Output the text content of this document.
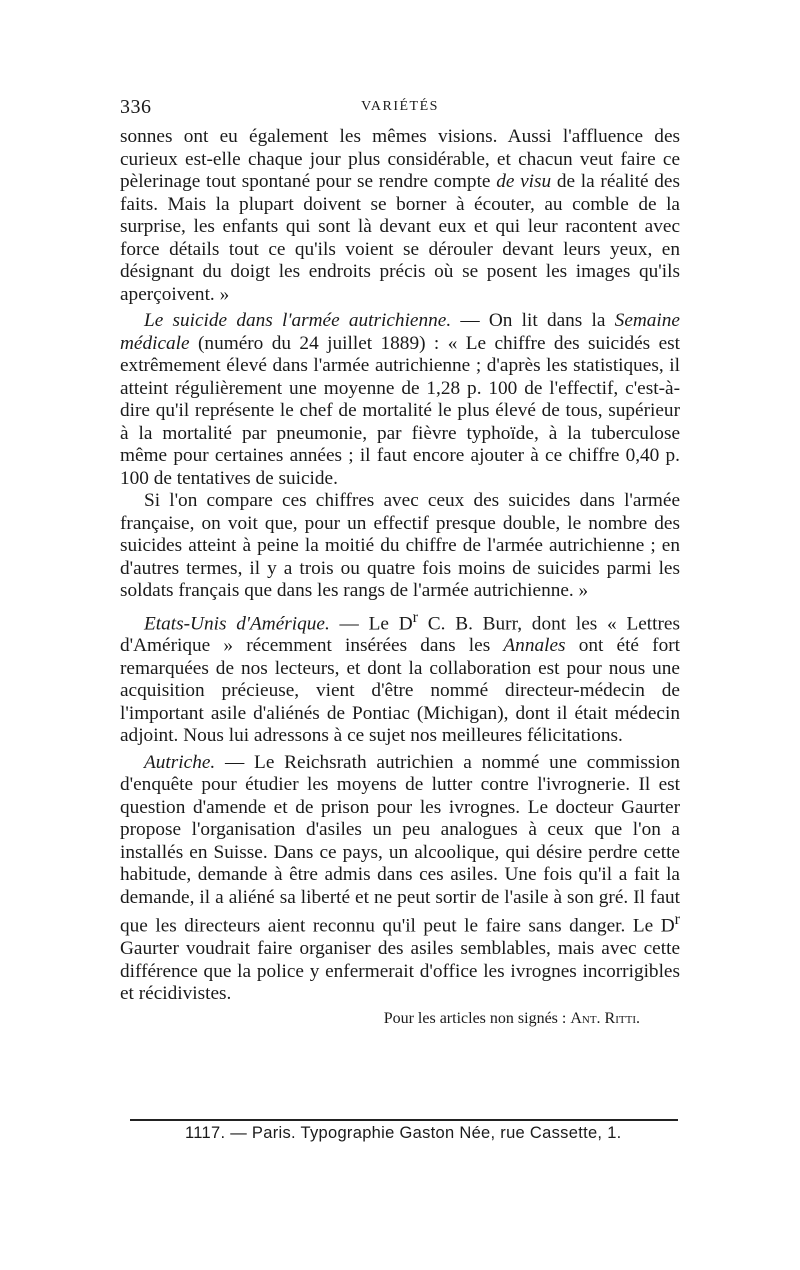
336	VARIÉTÉS

sonnes ont eu également les mêmes visions. Aussi l'affluence des curieux est-elle chaque jour plus considérable, et chacun veut faire ce pèlerinage tout spontané pour se rendre compte de visu de la réalité des faits. Mais la plupart doivent se borner à écouter, au comble de la surprise, les enfants qui sont là devant eux et qui leur racontent avec force détails tout ce qu'ils voient se dérouler devant leurs yeux, en désignant du doigt les endroits précis où se posent les images qu'ils aperçoivent. »

Le suicide dans l'armée autrichienne. — On lit dans la Semaine médicale (numéro du 24 juillet 1889) : « Le chiffre des suicidés est extrêmement élevé dans l'armée autrichienne ; d'après les statistiques, il atteint régulièrement une moyenne de 1,28 p. 100 de l'effectif, c'est-à-dire qu'il représente le chef de mortalité le plus élevé de tous, supérieur à la mortalité par pneumonie, par fièvre typhoïde, à la tuberculose même pour certaines années ; il faut encore ajouter à ce chiffre 0,40 p. 100 de tentatives de suicide.

Si l'on compare ces chiffres avec ceux des suicides dans l'armée française, on voit que, pour un effectif presque double, le nombre des suicides atteint à peine la moitié du chiffre de l'armée autrichienne ; en d'autres termes, il y a trois ou quatre fois moins de suicides parmi les soldats français que dans les rangs de l'armée autrichienne. »

Etats-Unis d'Amérique. — Le $D^r$ C. B. Burr, dont les « Lettres d'Amérique » récemment insérées dans les Annales ont été fort remarquées de nos lecteurs, et dont la collaboration est pour nous une acquisition précieuse, vient d'être nommé directeur-médecin de l'important asile d'aliénés de Pontiac (Michigan), dont il était médecin adjoint. Nous lui adressons à ce sujet nos meilleures félicitations.

Autriche. — Le Reichsrath autrichien a nommé une commission d'enquête pour étudier les moyens de lutter contre l'ivrognerie. Il est question d'amende et de prison pour les ivrognes. Le docteur Gaurter propose l'organisation d'asiles un peu analogues à ceux que l'on a installés en Suisse. Dans ce pays, un alcoolique, qui désire perdre cette habitude, demande à être admis dans ces asiles. Une fois qu'il a fait la demande, il a aliéné sa liberté et ne peut sortir de l'asile à son gré. Il faut que les directeurs aient reconnu qu'il peut le faire sans danger. Le $D^r$ Gaurter voudrait faire organiser des asiles semblables, mais avec cette différence que la police y enfermerait d'office les ivrognes incorrigibles et récidivistes.

Pour les articles non signés : Ant. Ritti.
1117. — Paris. Typographie Gaston Née, rue Cassette, 1.
